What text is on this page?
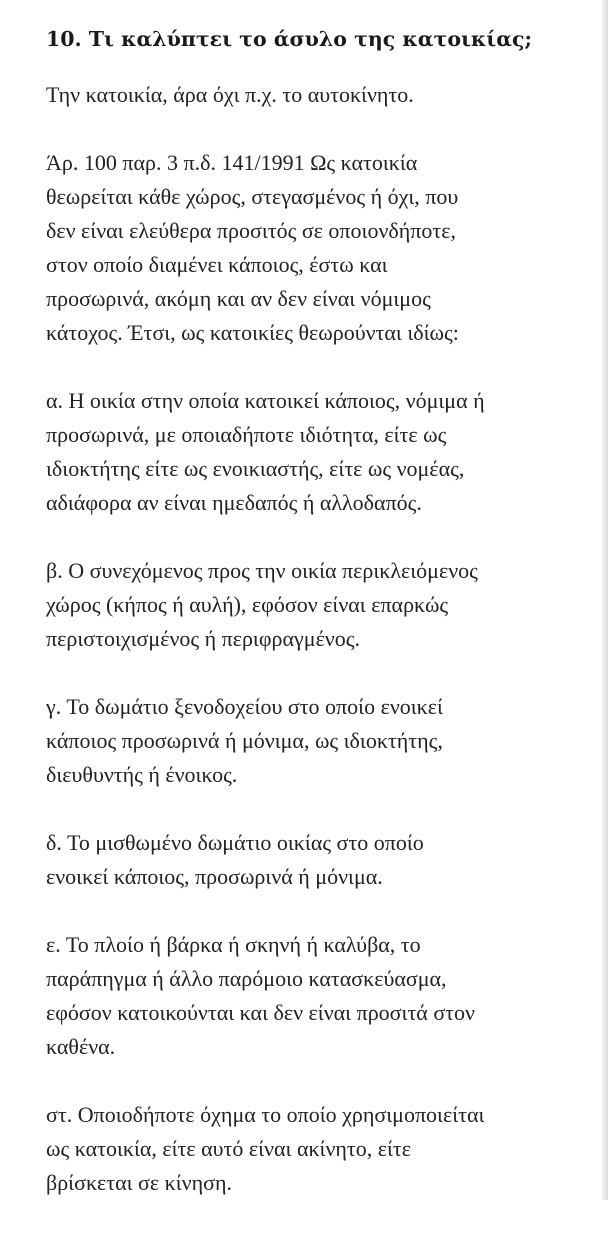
10. Τι καλύπτει το άσυλο της κατοικίας;

Την κατοικία, άρα όχι π.χ. το αυτοκίνητο.

Άρ. 100 παρ. 3 π.δ. 141/1991 Ως κατοικία
θεωρείται κάθε χώρος, στεγασμένος ή όχι, που
δεν είναι ελεύθερα προσιτός σε οποιονδήποτε,
στον οποίο διαμένει κάποιος, έστω και
προσωρινά, ακόμη και αν δεν είναι νόμιμος
κάτοχος. Έτσι, ως κατοικίες θεωρούνται ιδίως:

α. Η οικία στην οποία κατοικεί κάποιος, νόμιμα ή
προσωρινά, με οποιαδήποτε ιδιότητα, είτε ως
ιδιοκτήτης είτε ως ενοικιαστής, είτε ως νομέας,
αδιάφορα αν είναι ημεδαπός ή αλλοδαπός.

β. Ο συνεχόμενος προς την οικία περικλειόμενος
χώρος (κήπος ή αυλή), εφόσον είναι επαρκώς
περιστοιχισμένος ή περιφραγμένος.

γ. Το δωμάτιο ξενοδοχείου στο οποίο ενοικεί
κάποιος προσωρινά ή μόνιμα, ως ιδιοκτήτης,
διευθυντής ή ένοικος.

δ. Το μισθωμένο δωμάτιο οικίας στο οποίο
ενοικεί κάποιος, προσωρινά ή μόνιμα.

ε. Το πλοίο ή βάρκα ή σκηνή ή καλύβα, το
παράπηγμα ή άλλο παρόμοιο κατασκεύασμα,
εφόσον κατοικούνται και δεν είναι προσιτά στον
καθένα.

στ. Οποιοδήποτε όχημα το οποίο χρησιμοποιείται
ως κατοικία, είτε αυτό είναι ακίνητο, είτε
βρίσκεται σε κίνηση.
